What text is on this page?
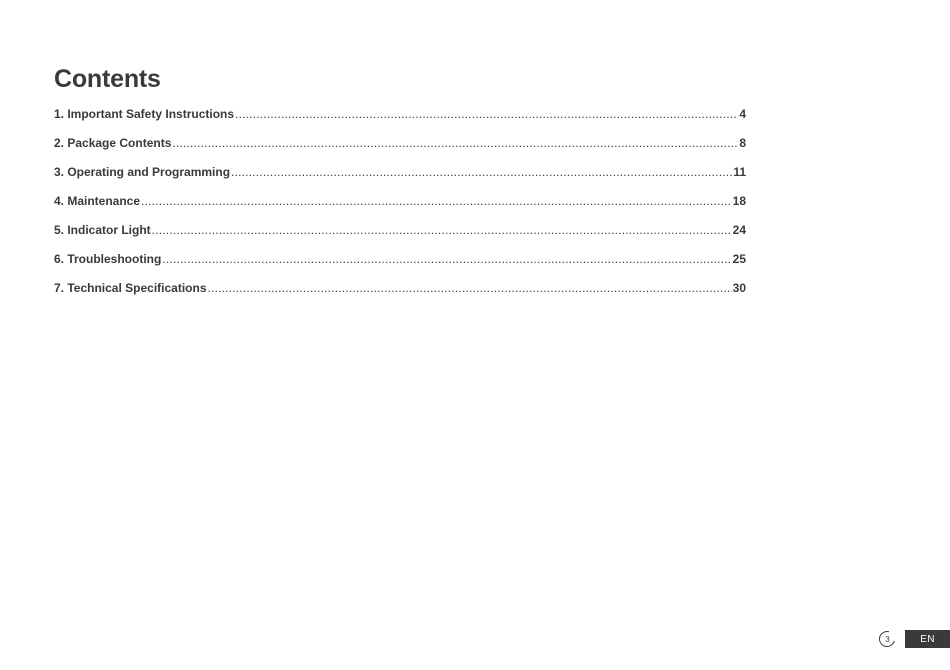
Contents
1. Important Safety Instructions .....	4
2. Package Contents .....	8
3. Operating and Programming .....	11
4. Maintenance .....	18
5. Indicator Light .....	24
6. Troubleshooting .....	25
7. Technical Specifications .....	30
3	EN
